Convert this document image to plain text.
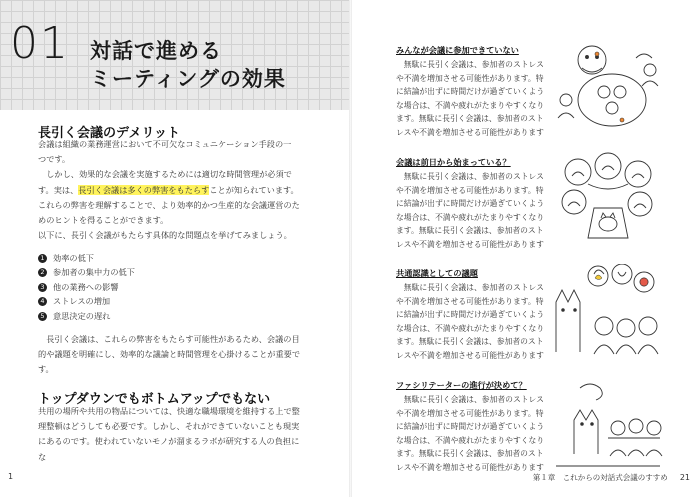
01 対話で進める
ミーティングの効果
長引く会議のデメリット

会議は組織の業務運営において不可欠なコミュニケーション手段の一

つです。

　しかし、効果的な会議を実施するためには適切な時間管理が必須で

す。実は、長引く会議は多くの弊害をもたらすことが知られています。

これらの弊害を理解することで、より効率的かつ生産的な会議運営のた

めのヒントを得ることができます。

以下に、長引く会議がもたらす具体的な問題点を挙げてみましょう。

1 効率の低下
2 参加者の集中力の低下
3 他の業務への影響
4 ストレスの増加
5 意思決定の遅れ

　長引く会議は、これらの弊害をもたらす可能性があるため、会議の目

的や議題を明確にし、効率的な議論と時間管理を心掛けることが重要で

す。

トップダウンでもボトムアップでもない

共用の場所や共用の物品については、快適な職場環境を維持する上で整

理整頓はどうしても必要です。しかし、それができていないことも現実

にあるのです。使われていないモノが溜まるラボが研究する人の負担に

な

1
みんなが会議に参加できていない

　無駄に長引く会議は、参加者のストレス

や不満を増加させる可能性があります。特

に結論が出ずに時間だけが過ぎていくよう

な場合は、不満や疲れがたまりやすくなり

ます。無駄に長引く会議は、参加者のスト

レスや不満を増加させる可能性があります

会議は前日から始まっている？

　無駄に長引く会議は、参加者のストレス

や不満を増加させる可能性があります。特

に結論が出ずに時間だけが過ぎていくよう

な場合は、不満や疲れがたまりやすくなり

ます。無駄に長引く会議は、参加者のスト

レスや不満を増加させる可能性があります

共通認識としての議題

　無駄に長引く会議は、参加者のストレス

や不満を増加させる可能性があります。特

に結論が出ずに時間だけが過ぎていくよう

な場合は、不満や疲れがたまりやすくなり

ます。無駄に長引く会議は、参加者のスト

レスや不満を増加させる可能性があります

ファシリテーターの進行が決めて？

　無駄に長引く会議は、参加者のストレス

や不満を増加させる可能性があります。特

に結論が出ずに時間だけが過ぎていくよう

な場合は、不満や疲れがたまりやすくなり

ます。無駄に長引く会議は、参加者のスト

レスや不満を増加させる可能性があります

第１章　これからの対話式会議のすすめ 21
